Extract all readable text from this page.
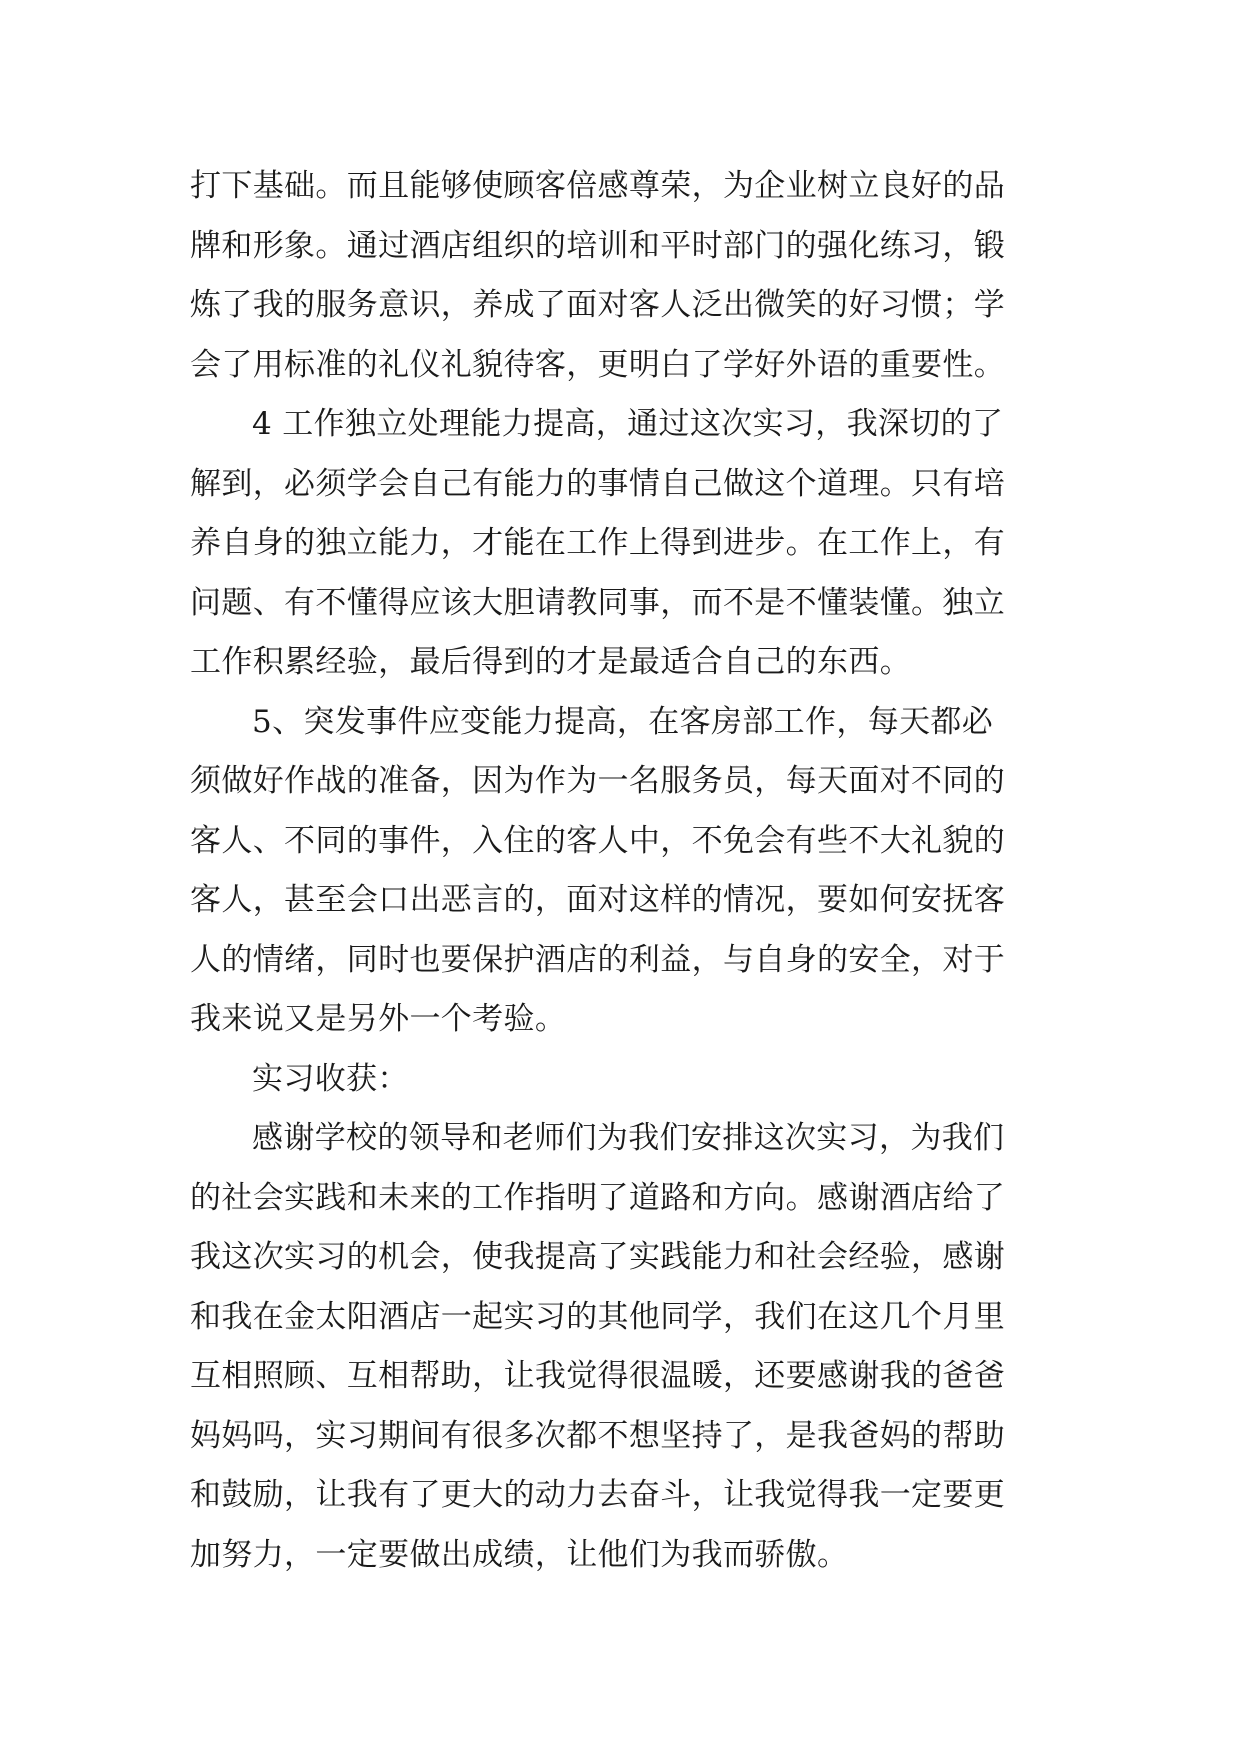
打下基础。而且能够使顾客倍感尊荣，为企业树立良好的品
牌和形象。通过酒店组织的培训和平时部门的强化练习，锻
炼了我的服务意识，养成了面对客人泛出微笑的好习惯；学
会了用标准的礼仪礼貌待客，更明白了学好外语的重要性。
4 工作独立处理能力提高，通过这次实习，我深切的了
解到，必须学会自己有能力的事情自己做这个道理。只有培
养自身的独立能力，才能在工作上得到进步。在工作上，有
问题、有不懂得应该大胆请教同事，而不是不懂装懂。独立
工作积累经验，最后得到的才是最适合自己的东西。
5、突发事件应变能力提高，在客房部工作，每天都必
须做好作战的准备，因为作为一名服务员，每天面对不同的
客人、不同的事件，入住的客人中，不免会有些不大礼貌的
客人，甚至会口出恶言的，面对这样的情况，要如何安抚客
人的情绪，同时也要保护酒店的利益，与自身的安全，对于
我来说又是另外一个考验。
实习收获：
感谢学校的领导和老师们为我们安排这次实习，为我们
的社会实践和未来的工作指明了道路和方向。感谢酒店给了
我这次实习的机会，使我提高了实践能力和社会经验，感谢
和我在金太阳酒店一起实习的其他同学，我们在这几个月里
互相照顾、互相帮助，让我觉得很温暖，还要感谢我的爸爸
妈妈吗，实习期间有很多次都不想坚持了，是我爸妈的帮助
和鼓励，让我有了更大的动力去奋斗，让我觉得我一定要更
加努力，一定要做出成绩，让他们为我而骄傲。
